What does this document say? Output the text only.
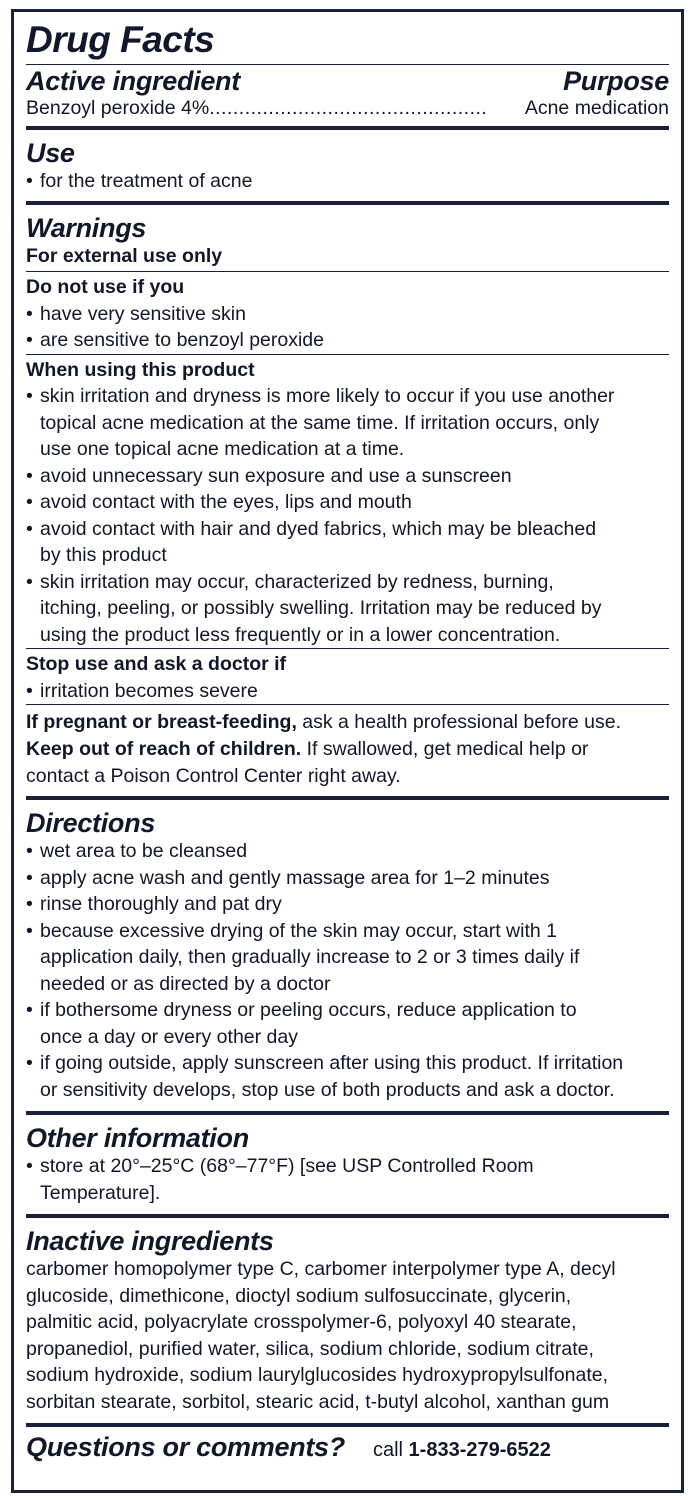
Drug Facts
Active ingredient	Purpose
Benzoyl peroxide 4% ...............................................	Acne medication
Use
• for the treatment of acne
Warnings
For external use only
Do not use if you
• have very sensitive skin
• are sensitive to benzoyl peroxide
When using this product
• skin irritation and dryness is more likely to occur if you use another
topical acne medication at the same time. If irritation occurs, only
use one topical acne medication at a time.
• avoid unnecessary sun exposure and use a sunscreen
• avoid contact with the eyes, lips and mouth
• avoid contact with hair and dyed fabrics, which may be bleached
by this product
• skin irritation may occur, characterized by redness, burning,
itching, peeling, or possibly swelling. Irritation may be reduced by
using the product less frequently or in a lower concentration.
Stop use and ask a doctor if
• irritation becomes severe
If pregnant or breast-feeding, ask a health professional before use.
Keep out of reach of children. If swallowed, get medical help or
contact a Poison Control Center right away.
Directions
• wet area to be cleansed
• apply acne wash and gently massage area for 1–2 minutes
• rinse thoroughly and pat dry
• because excessive drying of the skin may occur, start with 1
application daily, then gradually increase to 2 or 3 times daily if
needed or as directed by a doctor
• if bothersome dryness or peeling occurs, reduce application to
once a day or every other day
• if going outside, apply sunscreen after using this product. If irritation
or sensitivity develops, stop use of both products and ask a doctor.
Other information
• store at 20°–25°C (68°–77°F) [see USP Controlled Room
Temperature].
Inactive ingredients
carbomer homopolymer type C, carbomer interpolymer type A, decyl
glucoside, dimethicone, dioctyl sodium sulfosuccinate, glycerin,
palmitic acid, polyacrylate crosspolymer-6, polyoxyl 40 stearate,
propanediol, purified water, silica, sodium chloride, sodium citrate,
sodium hydroxide, sodium laurylglucosides hydroxypropylsulfonate,
sorbitan stearate, sorbitol, stearic acid, t-butyl alcohol, xanthan gum
Questions or comments? call 1-833-279-6522
